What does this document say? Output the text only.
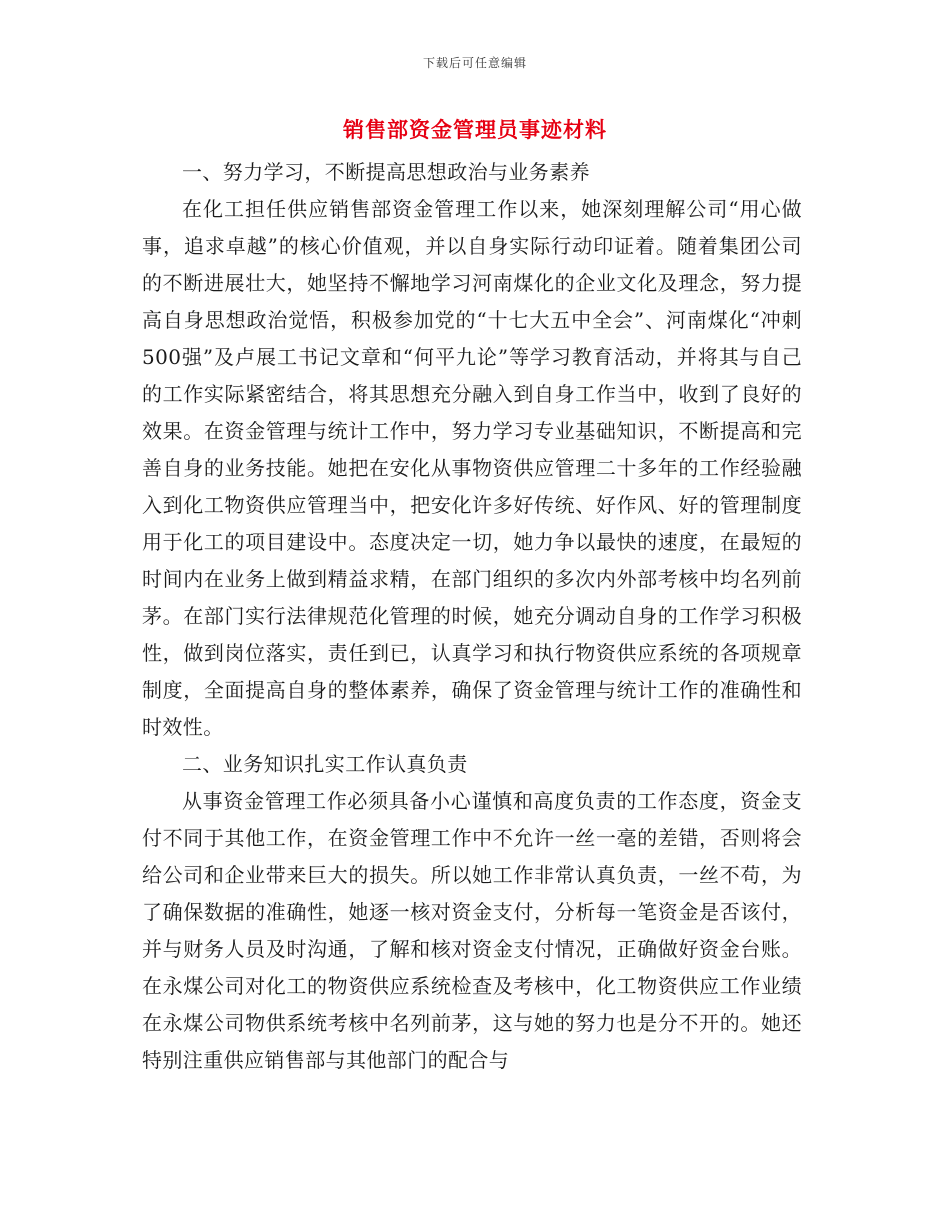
下载后可任意编辑
销售部资金管理员事迹材料

一、努力学习，不断提高思想政治与业务素养

在化工担任供应销售部资金管理工作以来，她深刻理解公司“用心做事，追求卓越”的核心价值观，并以自身实际行动印证着。随着集团公司的不断进展壮大，她坚持不懈地学习河南煤化的企业文化及理念，努力提高自身思想政治觉悟，积极参加党的“十七大五中全会”、河南煤化“冲刺500强”及卢展工书记文章和“何平九论”等学习教育活动，并将其与自己的工作实际紧密结合，将其思想充分融入到自身工作当中，收到了良好的效果。在资金管理与统计工作中，努力学习专业基础知识，不断提高和完善自身的业务技能。她把在安化从事物资供应管理二十多年的工作经验融入到化工物资供应管理当中，把安化许多好传统、好作风、好的管理制度用于化工的项目建设中。态度决定一切，她力争以最快的速度，在最短的时间内在业务上做到精益求精，在部门组织的多次内外部考核中均名列前茅。在部门实行法律规范化管理的时候，她充分调动自身的工作学习积极性，做到岗位落实，责任到已，认真学习和执行物资供应系统的各项规章制度，全面提高自身的整体素养，确保了资金管理与统计工作的准确性和时效性。

二、业务知识扎实工作认真负责

从事资金管理工作必须具备小心谨慎和高度负责的工作态度，资金支付不同于其他工作，在资金管理工作中不允许一丝一毫的差错，否则将会给公司和企业带来巨大的损失。所以她工作非常认真负责，一丝不苟，为了确保数据的准确性，她逐一核对资金支付，分析每一笔资金是否该付，并与财务人员及时沟通，了解和核对资金支付情况，正确做好资金台账。在永煤公司对化工的物资供应系统检查及考核中，化工物资供应工作业绩在永煤公司物供系统考核中名列前茅，这与她的努力也是分不开的。她还特别注重供应销售部与其他部门的配合与
